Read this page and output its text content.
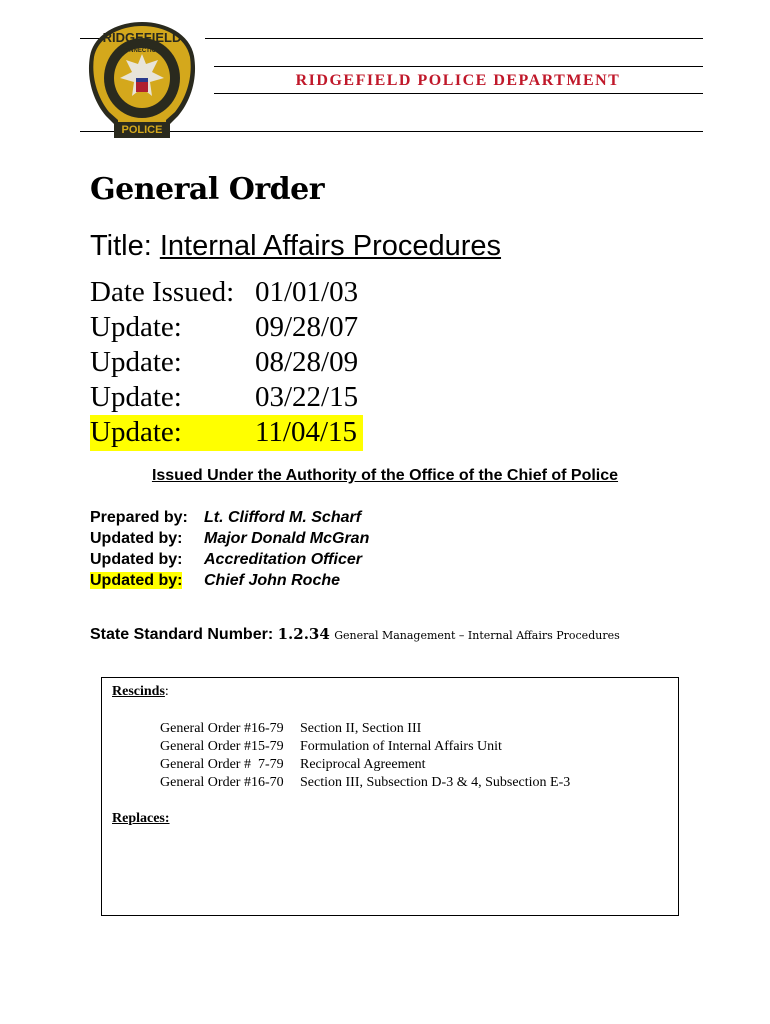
RIDGEFIELD
CONNECTICUT
POLICE
RIDGEFIELD POLICE DEPARTMENT
General Order
Title: Internal Affairs Procedures
Date Issued: 01/01/03
Update:	09/28/07
Update:	08/28/09
Update:	03/22/15
Update:	11/04/15
Issued Under the Authority of the Office of the Chief of Police
Prepared by: Lt. Clifford M. Scharf
Updated by: Major Donald McGran
Updated by: Accreditation Officer
Updated by: Chief John Roche
State Standard Number: 1.2.34 General Management – Internal Affairs Procedures
Rescinds:
General Order #16-79 Section II, Section III
General Order #15-79 Formulation of Internal Affairs Unit
General Order #  7-79 Reciprocal Agreement
General Order #16-70 Section III, Subsection D-3 & 4, Subsection E-3
Replaces:
